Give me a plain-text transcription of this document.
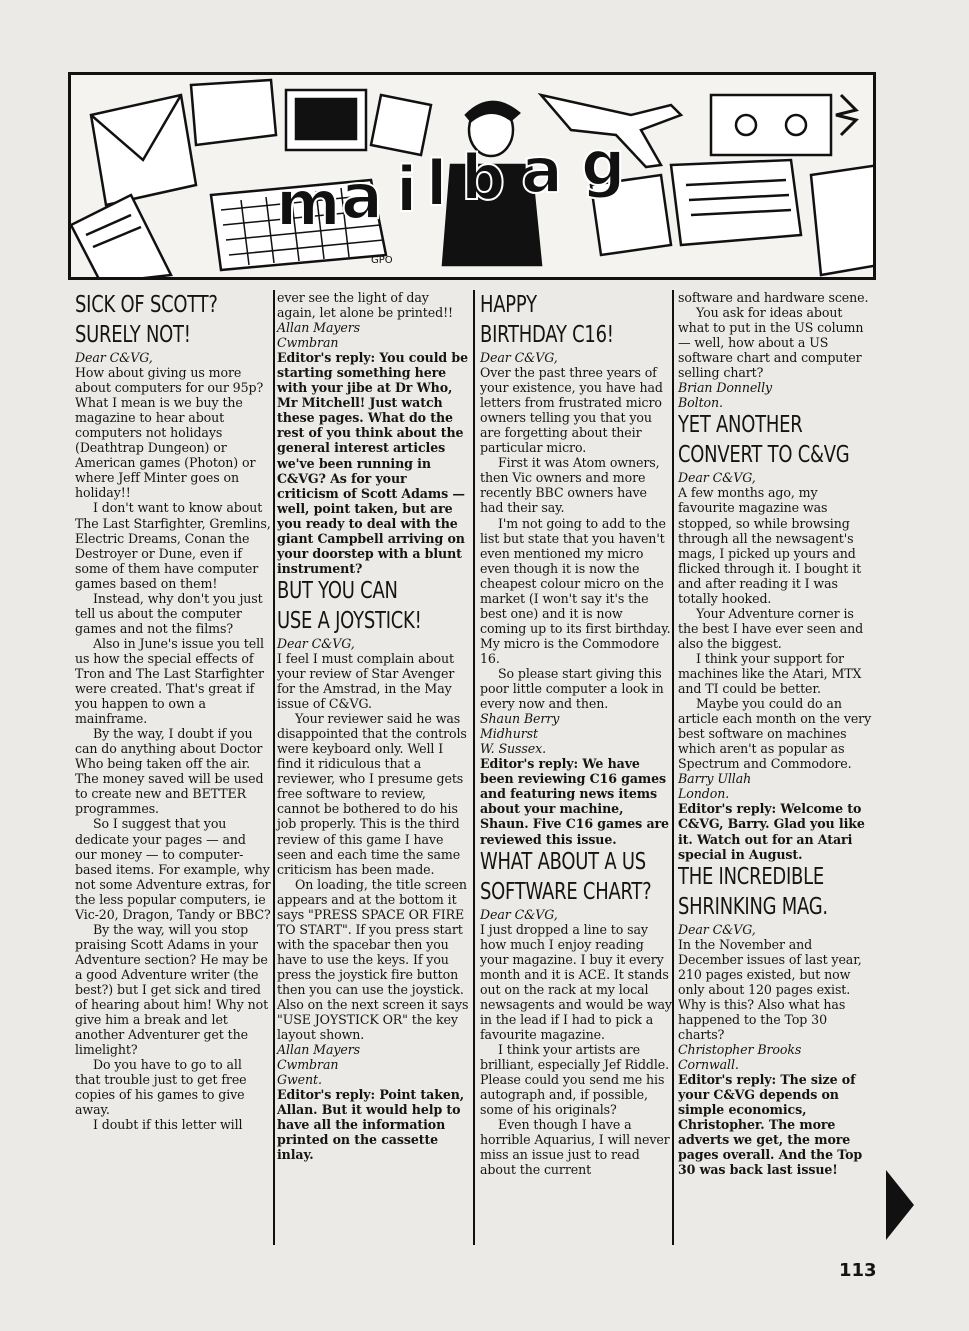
m a i l b a g
GPO
SICK OF SCOTT?
SURELY NOT!

Dear C&VG,

How about giving us more about computers for our 95p? What I mean is we buy the magazine to hear about computers not holidays (Deathtrap Dungeon) or American games (Photon) or where Jeff Minter goes on holiday!!

I don't want to know about The Last Starfighter, Gremlins, Electric Dreams, Conan the Destroyer or Dune, even if some of them have computer games based on them!

Instead, why don't you just tell us about the computer games and not the films?

Also in June's issue you tell us how the special effects of Tron and The Last Starfighter were created. That's great if you happen to own a mainframe.

By the way, I doubt if you can do anything about Doctor Who being taken off the air. The money saved will be used to create new and BETTER programmes.

So I suggest that you dedicate your pages — and our money — to computer-based items. For example, why not some Adventure extras, for the less popular computers, ie Vic-20, Dragon, Tandy or BBC?

By the way, will you stop praising Scott Adams in your Adventure section? He may be a good Adventure writer (the best?) but I get sick and tired of hearing about him! Why not give him a break and let another Adventurer get the limelight?

Do you have to go to all that trouble just to get free copies of his games to give away.

I doubt if this letter will

ever see the light of day again, let alone be printed!!

Allan Mayers

Cwmbran

Editor's reply: You could be starting something here with your jibe at Dr Who, Mr Mitchell! Just watch these pages. What do the rest of you think about the general interest articles we've been running in C&VG? As for your criticism of Scott Adams — well, point taken, but are you ready to deal with the giant Campbell arriving on your doorstep with a blunt instrument?

BUT YOU CAN
USE A JOYSTICK!

Dear C&VG,

I feel I must complain about your review of Star Avenger for the Amstrad, in the May issue of C&VG.

Your reviewer said he was disappointed that the controls were keyboard only. Well I find it ridiculous that a reviewer, who I presume gets free software to review, cannot be bothered to do his job properly. This is the third review of this game I have seen and each time the same criticism has been made.

On loading, the title screen appears and at the bottom it says "PRESS SPACE OR FIRE TO START". If you press start with the spacebar then you have to use the keys. If you press the joystick fire button then you can use the joystick. Also on the next screen it says "USE JOYSTICK OR" the key layout shown.

Allan Mayers

Cwmbran

Gwent.

Editor's reply: Point taken, Allan. But it would help to have all the information printed on the cassette inlay.

HAPPY
BIRTHDAY C16!

Dear C&VG,

Over the past three years of your existence, you have had letters from frustrated micro owners telling you that you are forgetting about their particular micro.

First it was Atom owners, then Vic owners and more recently BBC owners have had their say.

I'm not going to add to the list but state that you haven't even mentioned my micro even though it is now the cheapest colour micro on the market (I won't say it's the best one) and it is now coming up to its first birthday. My micro is the Commodore 16.

So please start giving this poor little computer a look in every now and then.

Shaun Berry

Midhurst

W. Sussex.

Editor's reply: We have been reviewing C16 games and featuring news items about your machine, Shaun. Five C16 games are reviewed this issue.

WHAT ABOUT A US
SOFTWARE CHART?

Dear C&VG,

I just dropped a line to say how much I enjoy reading your magazine. I buy it every month and it is ACE. It stands out on the rack at my local newsagents and would be way in the lead if I had to pick a favourite magazine.

I think your artists are brilliant, especially Jef Riddle. Please could you send me his autograph and, if possible, some of his originals?

Even though I have a horrible Aquarius, I will never miss an issue just to read about the current

software and hardware scene.

You ask for ideas about what to put in the US column — well, how about a US software chart and computer selling chart?

Brian Donnelly

Bolton.

YET ANOTHER
CONVERT TO C&VG

Dear C&VG,

A few months ago, my favourite magazine was stopped, so while browsing through all the newsagent's mags, I picked up yours and flicked through it. I bought it and after reading it I was totally hooked.

Your Adventure corner is the best I have ever seen and also the biggest.

I think your support for machines like the Atari, MTX and TI could be better.

Maybe you could do an article each month on the very best software on machines which aren't as popular as Spectrum and Commodore.

Barry Ullah

London.

Editor's reply: Welcome to C&VG, Barry. Glad you like it. Watch out for an Atari special in August.

THE INCREDIBLE
SHRINKING MAG.

Dear C&VG,

In the November and December issues of last year, 210 pages existed, but now only about 120 pages exist. Why is this? Also what has happened to the Top 30 charts?

Christopher Brooks

Cornwall.

Editor's reply: The size of your C&VG depends on simple economics, Christopher. The more adverts we get, the more pages overall. And the Top 30 was back last issue!

113
